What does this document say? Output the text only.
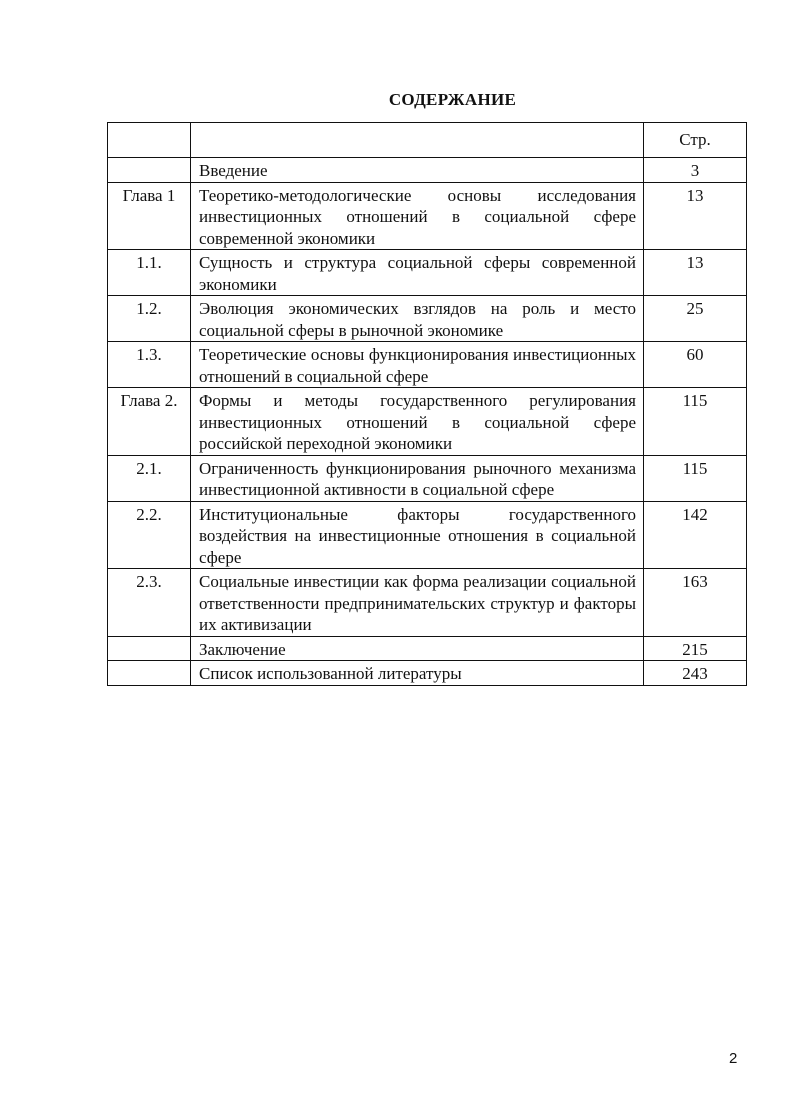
СОДЕРЖАНИЕ
		Стр.
	Введение	3
Глава 1	Теоретико-методологические основы исследования инвестиционных отношений в социальной сфере современной экономики	13
1.1.	Сущность и структура социальной сферы современной экономики	13
1.2.	Эволюция экономических взглядов на роль и место социальной сферы в рыночной экономике	25
1.3.	Теоретические основы функционирования инвестиционных отношений в социальной сфере	60
Глава 2.	Формы и методы государственного регулирования инвестиционных отношений в социальной сфере российской переходной экономики	115
2.1.	Ограниченность функционирования рыночного механизма инвестиционной активности в социальной сфере	115
2.2.	Институциональные факторы государственного воздействия на инвестиционные отношения в социальной сфере	142
2.3.	Социальные инвестиции как форма реализации социальной ответственности предпринимательских структур и факторы их активизации	163
	Заключение	215
	Список использованной литературы	243
2
